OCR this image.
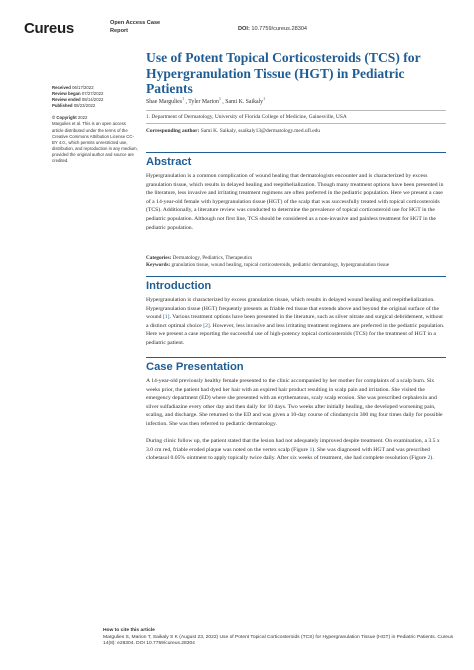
Cureus	Open Access Case
Report	DOI: 10.7759/cureus.28304
Use of Potent Topical Corticosteroids (TCS) for Hypergranulation Tissue (HGT) in Pediatric Patients
Shae Margulies$^1$ , Tyler Marion$^1$ , Sami K. Saikaly$^1$
Received 06/17/2022
Review began 07/27/2022
Review ended 08/14/2022
Published 08/23/2022
© Copyright 2022
Margulies et al. This is an open access article distributed under the terms of the Creative Commons Attribution License CC-BY 4.0., which permits unrestricted use, distribution, and reproduction in any medium, provided the original author and source are credited.
1. Department of Dermatology, University of Florida College of Medicine, Gainesville, USA
Corresponding author: Sami K. Saikaly, ssaikaly13@dermatology.med.ufl.edu
Abstract
Hypergranulation is a common complication of wound healing that dermatologists encounter and is characterized by excess granulation tissue, which results in delayed healing and reepithelialization. Though many treatment options have been presented in the literature, less invasive and irritating treatment regimens are often preferred in the pediatric population. Here we present a case of a 14-year-old female with hypergranulation tissue (HGT) of the scalp that was successfully treated with topical corticosteroids (TCS). Additionally, a literature review was conducted to determine the prevalence of topical corticosteroid use for HGT in the pediatric population. Although not first line, TCS should be considered as a non-invasive and painless treatment for HGT in the pediatric population.
Categories: Dermatology, Pediatrics, Therapeutics
Keywords: granulation tissue, wound healing, topical corticosteroids, pediatric dermatology, hypergranulation tissue
Introduction
Hypergranulation is characterized by excess granulation tissue, which results in delayed wound healing and reepithelialization. Hypergranulation tissue (HGT) frequently presents as friable red tissue that extends above and beyond the original surface of the wound [1]. Various treatment options have been presented in the literature, such as silver nitrate and surgical debridement, without a distinct optimal choice [2]. However, less invasive and less irritating treatment regimens are preferred in the pediatric population. Here we present a case reporting the successful use of high-potency topical corticosteroids (TCS) for the treatment of HGT in a pediatric patient.
Case Presentation
A 14-year-old previously healthy female presented to the clinic accompanied by her mother for complaints of a scalp burn. Six weeks prior, the patient had dyed her hair with an expired hair product resulting in scalp pain and irritation. She visited the emergency department (ED) where she presented with an erythematous, scaly scalp erosion. She was prescribed cephalexin and silver sulfadiazine every other day and then daily for 10 days. Two weeks after initially healing, she developed worsening pain, scaling, and discharge. She returned to the ED and was given a 10-day course of clindamycin 300 mg four times daily for possible infection. She was then referred to pediatric dermatology.
During clinic follow up, the patient stated that the lesion had not adequately improved despite treatment. On examination, a 3.5 x 3.0 cm red, friable eroded plaque was noted on the vertex scalp (Figure 1). She was diagnosed with HGT and was prescribed clobetasol 0.05% ointment to apply topically twice daily. After six weeks of treatment, she had complete resolution (Figure 2).
How to cite this article
Margulies S, Marion T, Saikaly S K (August 23, 2022) Use of Potent Topical Corticosteroids (TCS) for Hypergranulation Tissue (HGT) in Pediatric Patients. Cureus 14(8): e28304. DOI 10.7759/cureus.28304
